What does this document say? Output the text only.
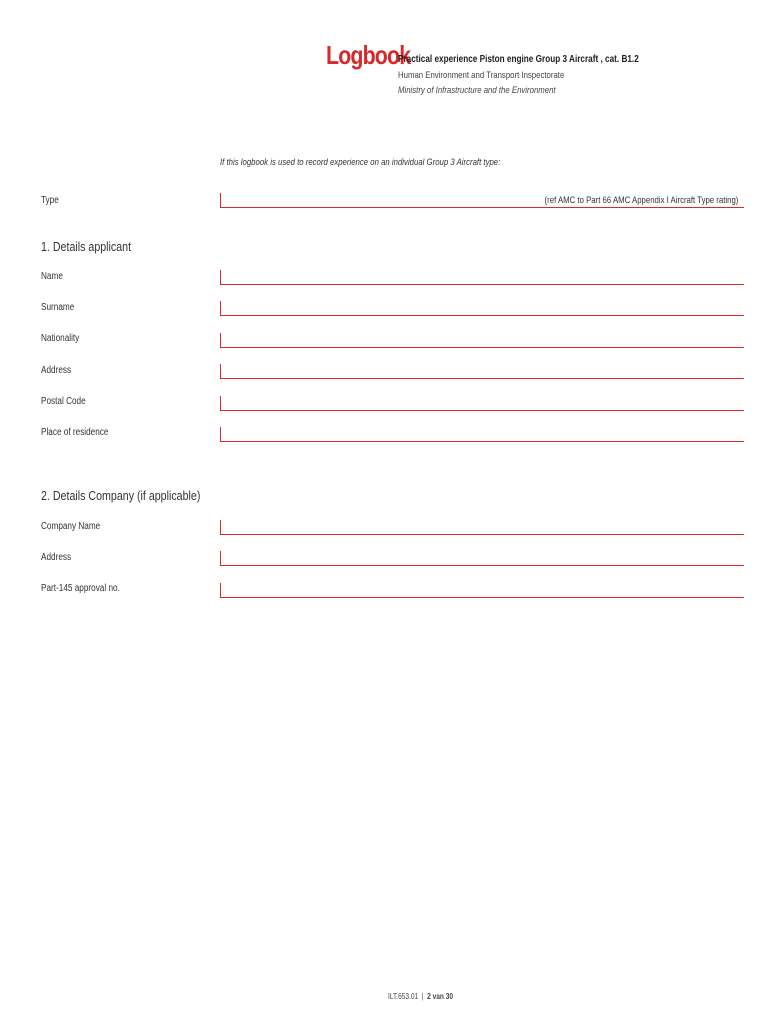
Logbook
Practical experience Piston engine Group 3 Aircraft , cat. B1.2
Human Environment and Transport Inspectorate
Ministry of Infrastructure and the Environment
If this logbook is used to record experience on an individual Group 3 Aircraft type:
Type	(ref AMC to Part 66 AMC Appendix I Aircraft Type rating)
1. Details applicant
Name
Surname
Nationality
Address
Postal Code
Place of residence
2. Details Company (if applicable)
Company Name
Address
Part-145 approval no.
ILT.653.01 | 2 van 30
